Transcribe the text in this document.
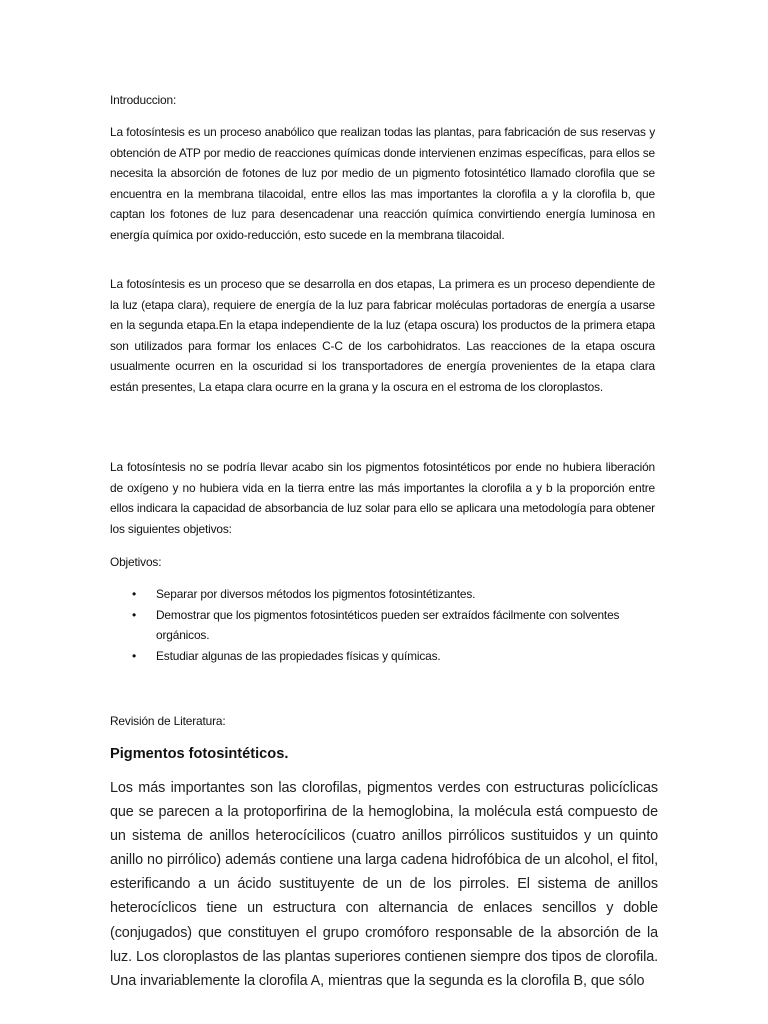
Introduccion:

La fotosíntesis es un proceso anabólico que realizan todas las plantas, para fabricación de sus reservas y obtención de ATP por medio de reacciones químicas donde intervienen enzimas específicas, para ellos se necesita la absorción de fotones de luz por medio de un pigmento fotosintético llamado clorofila que se encuentra en la membrana tilacoidal, entre ellos las mas importantes la clorofila a y la clorofila b, que captan los fotones de luz para desencadenar una reacción química convirtiendo energía luminosa en energía química por oxido-reducción, esto sucede en la membrana tilacoidal.

La fotosíntesis es un proceso que se desarrolla en dos etapas, La primera es un proceso dependiente de la luz (etapa clara), requiere de energía de la luz para fabricar moléculas portadoras de energía a usarse en la segunda etapa.En la etapa independiente de la luz (etapa oscura) los productos de la primera etapa son utilizados para formar los enlaces C-C de los carbohidratos. Las reacciones de la etapa oscura usualmente ocurren en la oscuridad si los transportadores de energía provenientes de la etapa clara están presentes, La etapa clara ocurre en la grana y la oscura en el estroma de los cloroplastos.

La fotosíntesis no se podría llevar acabo sin los pigmentos fotosintéticos por ende no hubiera liberación de oxígeno y no hubiera vida en la tierra entre las más importantes la clorofila a y b la proporción entre ellos indicara la capacidad de absorbancia de luz solar para ello se aplicara una metodología para obtener los siguientes objetivos:

Objetivos:

• Separar por diversos métodos los pigmentos fotosintétizantes.
• Demostrar que los pigmentos fotosintéticos pueden ser extraídos fácilmente con solventes orgánicos.
• Estudiar algunas de las propiedades físicas y químicas.

Revisión de Literatura:

Pigmentos fotosintéticos.

Los más importantes son las clorofilas, pigmentos verdes con estructuras policíclicas que se parecen a la protoporfirina de la hemoglobina, la molécula está compuesto de un sistema de anillos heterocícilicos (cuatro anillos pirrólicos sustituidos y un quinto anillo no pirrólico) además contiene una larga cadena hidrofóbica de un alcohol, el fitol, esterificando a un ácido sustituyente de un de los pirroles. El sistema de anillos heterocíclicos tiene un estructura con alternancia de enlaces sencillos y doble (conjugados) que constituyen el grupo cromóforo responsable de la absorción de la luz. Los cloroplastos de las plantas superiores contienen siempre dos tipos de clorofila. Una invariablemente la clorofila A, mientras que la segunda es la clorofila B, que sólo
